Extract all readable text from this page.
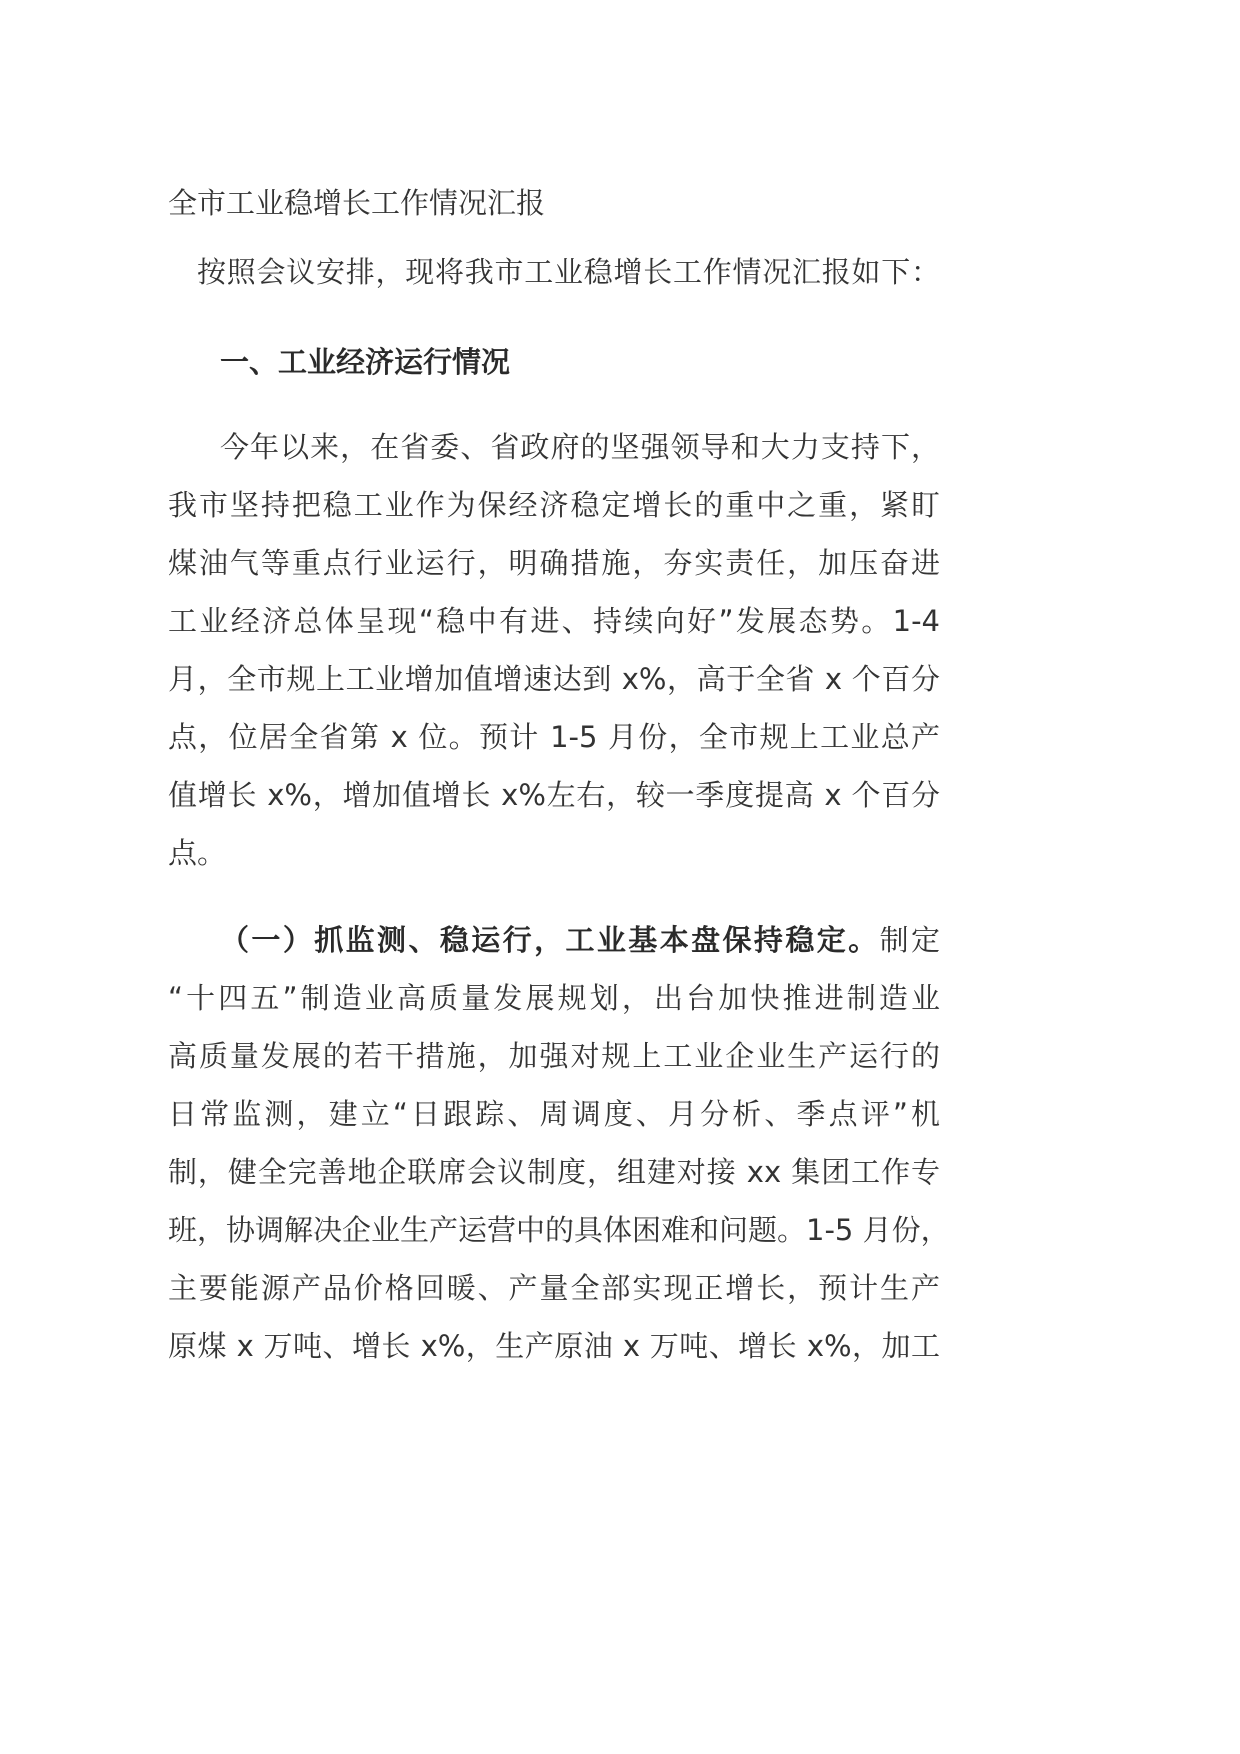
全市工业稳增长工作情况汇报
按照会议安排，现将我市工业稳增长工作情况汇报如下：
一、工业经济运行情况
今年以来，在省委、省政府的坚强领导和大力支持下，
我市坚持把稳工业作为保经济稳定增长的重中之重，紧盯
煤油气等重点行业运行，明确措施，夯实责任，加压奋进
工业经济总体呈现“稳中有进、持续向好”发展态势。1-4
月，全市规上工业增加值增速达到 x%，高于全省 x 个百分
点，位居全省第 x 位。预计 1-5 月份，全市规上工业总产
值增长 x%，增加值增长 x%左右，较一季度提高 x 个百分
点。
（一）抓监测、稳运行，工业基本盘保持稳定。制定
“十四五”制造业高质量发展规划，出台加快推进制造业
高质量发展的若干措施，加强对规上工业企业生产运行的
日常监测，建立“日跟踪、周调度、月分析、季点评”机
制，健全完善地企联席会议制度，组建对接 xx 集团工作专
班，协调解决企业生产运营中的具体困难和问题。1-5 月份，
主要能源产品价格回暖、产量全部实现正增长，预计生产
原煤 x 万吨、增长 x%，生产原油 x 万吨、增长 x%，加工
